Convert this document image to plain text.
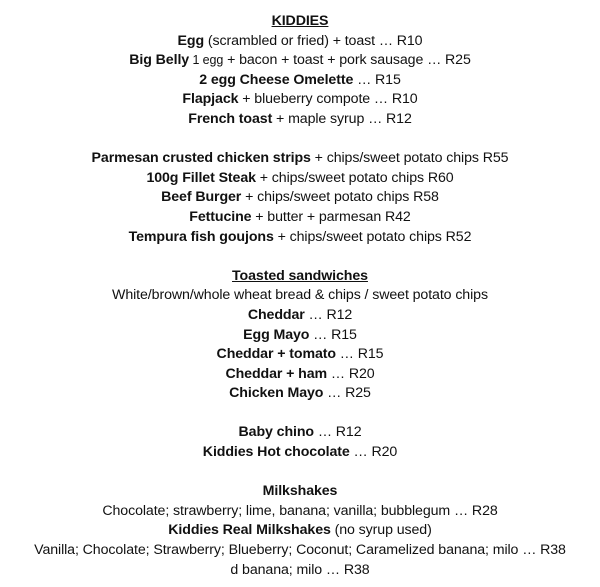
KIDDIES
Egg (scrambled or fried) + toast … R10
Big Belly 1 egg + bacon + toast + pork sausage … R25
2 egg Cheese Omelette … R15
Flapjack + blueberry compote … R10
French toast + maple syrup … R12
Parmesan crusted chicken strips + chips/sweet potato chips R55
100g Fillet Steak + chips/sweet potato chips R60
Beef Burger + chips/sweet potato chips R58
Fettucine + butter + parmesan R42
Tempura fish goujons + chips/sweet potato chips R52
Toasted sandwiches
White/brown/whole wheat bread & chips / sweet potato chips
Cheddar … R12
Egg Mayo … R15
Cheddar + tomato … R15
Cheddar + ham … R20
Chicken Mayo … R25
Baby chino … R12
Kiddies Hot chocolate … R20
Milkshakes
Chocolate; strawberry; lime, banana; vanilla; bubblegum … R28
Kiddies Real Milkshakes (no syrup used)
Vanilla; Chocolate; Strawberry; Blueberry; Coconut; Caramelized banana; milo … R38
d banana; milo … R38
